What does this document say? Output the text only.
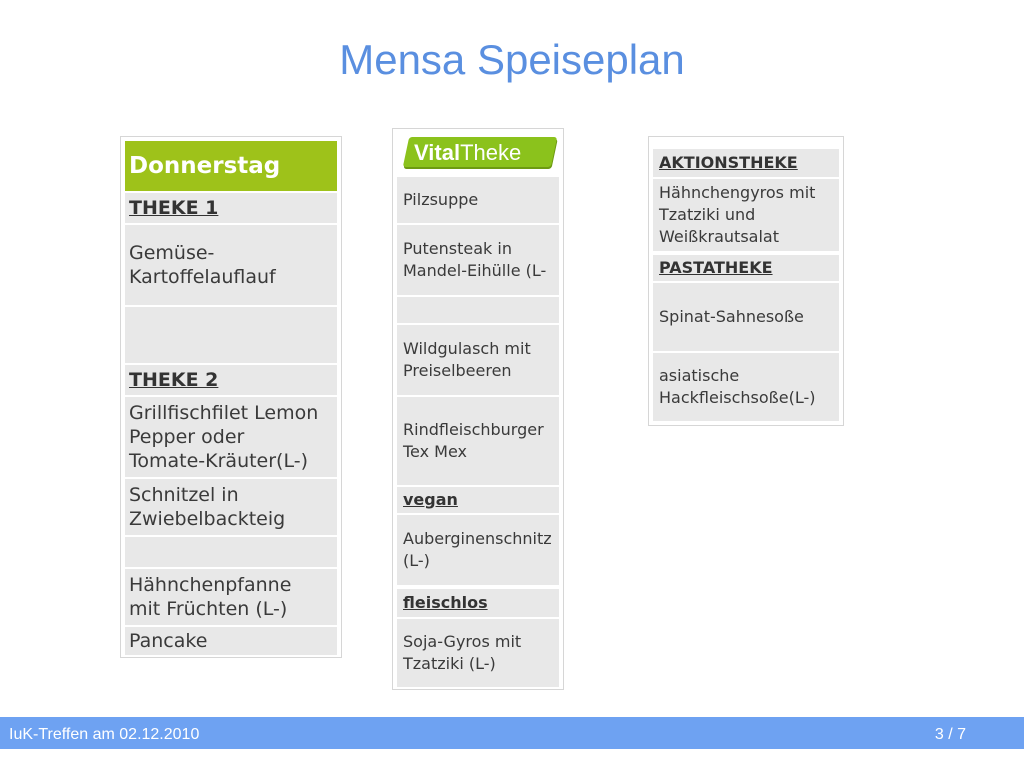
Mensa Speiseplan
Donnerstag
THEKE 1
Gemüse-
Kartoffelauflauf
THEKE 2
Grillfischfilet Lemon
Pepper oder
Tomate-Kräuter(L-)
Schnitzel in
Zwiebelbackteig
Hähnchenpfanne
mit Früchten (L-)
Pancake
VitalTheke
Pilzsuppe
Putensteak in
Mandel-Eihülle (L-
Wildgulasch mit
Preiselbeeren
Rindfleischburger
Tex Mex
vegan
Auberginenschnitz
(L-)
fleischlos
Soja-Gyros mit
Tzatziki (L-)
AKTIONSTHEKE
Hähnchengyros mit
Tzatziki und
Weißkrautsalat
PASTATHEKE
Spinat-Sahnesoße
asiatische
Hackfleischsoße(L-)
IuK-Treffen am 02.12.2010	3 / 7
